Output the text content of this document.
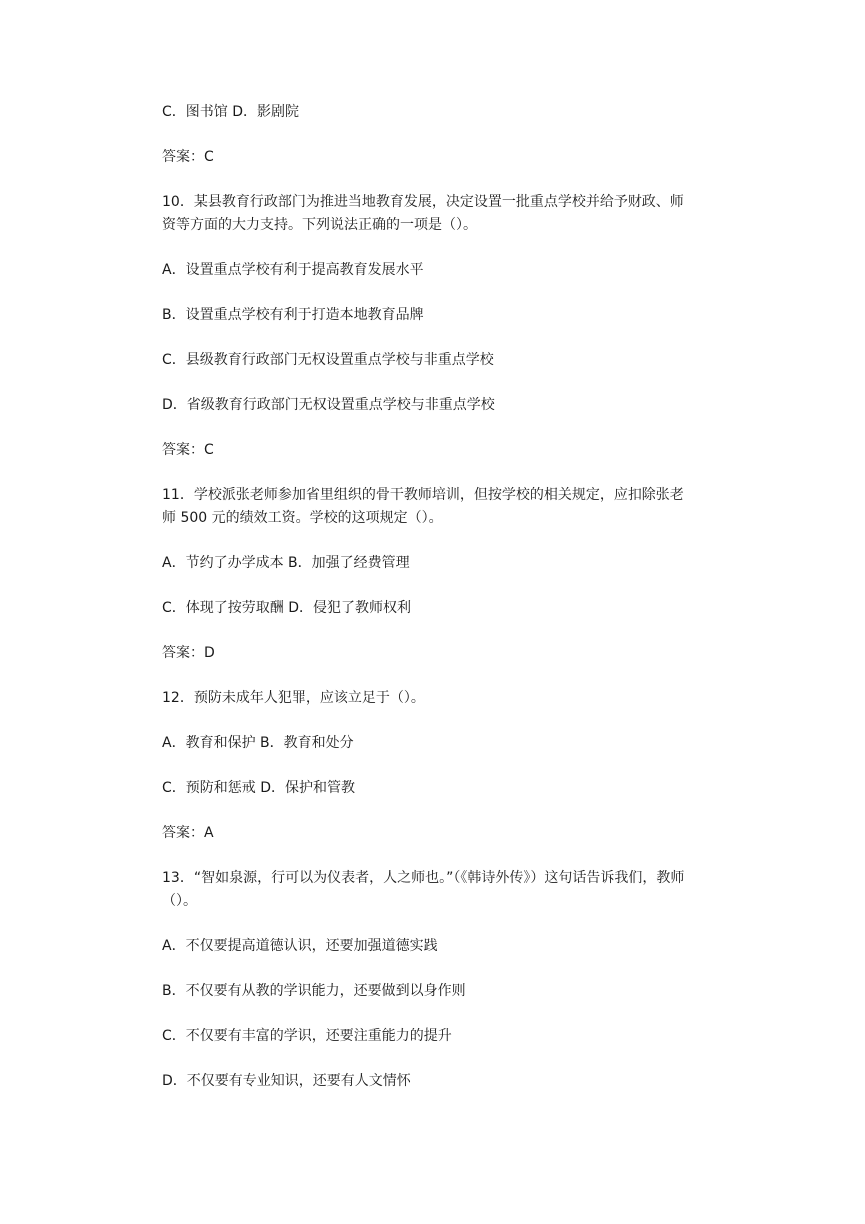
C．图书馆 D．影剧院

答案：C

10．某县教育行政部门为推进当地教育发展，决定设置一批重点学校并给予财政、师
资等方面的大力支持。下列说法正确的一项是（）。

A．设置重点学校有利于提高教育发展水平

B．设置重点学校有利于打造本地教育品牌

C．县级教育行政部门无权设置重点学校与非重点学校

D．省级教育行政部门无权设置重点学校与非重点学校

答案：C

11．学校派张老师参加省里组织的骨干教师培训，但按学校的相关规定，应扣除张老
师 500 元的绩效工资。学校的这项规定（）。

A．节约了办学成本 B．加强了经费管理

C．体现了按劳取酬 D．侵犯了教师权利

答案：D

12．预防未成年人犯罪，应该立足于（）。

A．教育和保护 B．教育和处分

C．预防和惩戒 D．保护和管教

答案：A

13．“智如泉源，行可以为仪表者，人之师也。”（《韩诗外传》）这句话告诉我们，教师
（）。

A．不仅要提高道德认识，还要加强道德实践

B．不仅要有从教的学识能力，还要做到以身作则

C．不仅要有丰富的学识，还要注重能力的提升

D．不仅要有专业知识，还要有人文情怀
